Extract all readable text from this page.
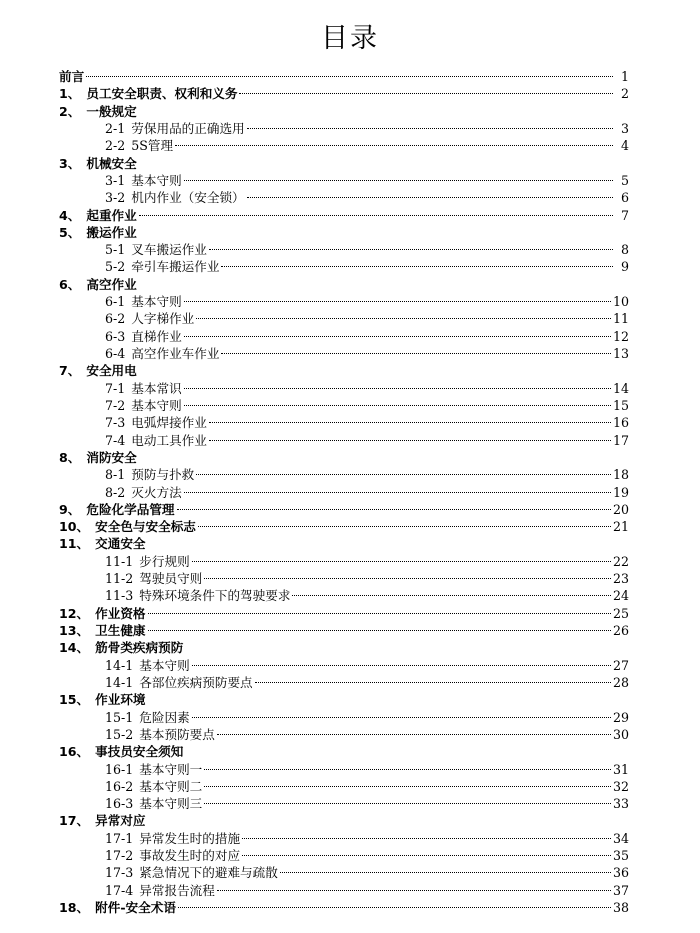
目录
前言	1
1、 员工安全职责、权利和义务	2
2、 一般规定
2-1 劳保用品的正确选用	3
2-2 5S管理	4
3、 机械安全
3-1 基本守则	5
3-2 机内作业（安全锁）	6
4、 起重作业	7
5、 搬运作业
5-1 叉车搬运作业	8
5-2 牵引车搬运作业	9
6、 高空作业
6-1 基本守则	10
6-2 人字梯作业	11
6-3 直梯作业	12
6-4 高空作业车作业	13
7、 安全用电
7-1 基本常识	14
7-2 基本守则	15
7-3 电弧焊接作业	16
7-4 电动工具作业	17
8、 消防安全
8-1 预防与扑救	18
8-2 灭火方法	19
9、 危险化学品管理	20
10、 安全色与安全标志	21
11、 交通安全
11-1 步行规则	22
11-2 驾驶员守则	23
11-3 特殊环境条件下的驾驶要求	24
12、 作业资格	25
13、 卫生健康	26
14、 筋骨类疾病预防
14-1 基本守则	27
14-1 各部位疾病预防要点	28
15、 作业环境
15-1 危险因素	29
15-2 基本预防要点	30
16、 事技员安全须知
16-1 基本守则一	31
16-2 基本守则二	32
16-3 基本守则三	33
17、 异常对应
17-1 异常发生时的措施	34
17-2 事故发生时的对应	35
17-3 紧急情况下的避难与疏散	36
17-4 异常报告流程	37
18、 附件-安全术语	38
